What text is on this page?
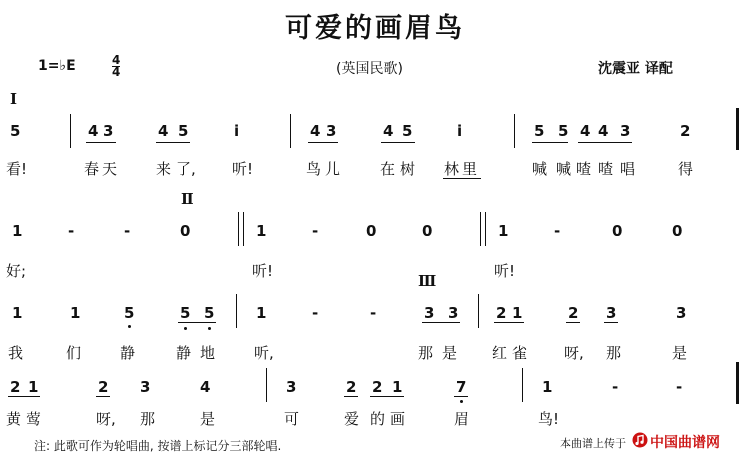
可爱的画眉鸟
1=♭E	$\frac{4}{4}$	(英国民歌)	沈震亚 译配
Ⅰ
Ⅱ
Ⅲ
5	4 3	4 5	i	4 3	4 5	i	5 5 4 4 3	2
看!	春 天	来 了, 听!	鸟 儿	在 树 林 里	喊 喊 喳 喳 唱	得
1	-	-	0	1	-	0	0	1	-	0	0
好;	听!	听!
1	1	5	5 5	1	-	-	3 3	2 1	2 3	3
我	们	静	静 地	听,	那 是 红 雀 呀, 那	是
2 1	2 3	4	3	2 2 1	7	1	-	-
黄 莺	呀, 那	是	可	爱 的 画	眉	鸟!
注: 此歌可作为轮唱曲, 按谱上标记分三部轮唱.	本曲谱上传于 中国曲谱网
